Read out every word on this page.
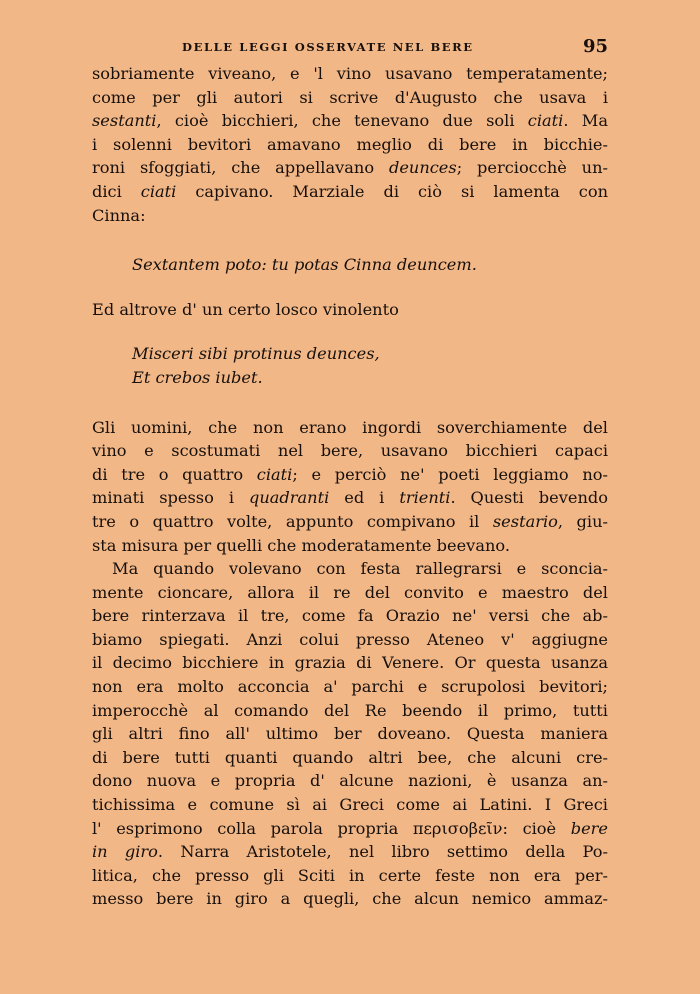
DELLE LEGGI OSSERVATE NEL BERE	95
sobriamente viveano, e 'l vino usavano temperatamente;
come per gli autori si scrive d'Augusto che usava i
sestanti, cioè bicchieri, che tenevano due soli ciati. Ma
i solenni bevitori amavano meglio di bere in bicchie-
roni sfoggiati, che appellavano deunces; perciocchè un-
dici ciati capivano. Marziale di ciò si lamenta con
Cinna:
Sextantem poto: tu potas Cinna deuncem.
Ed altrove d' un certo losco vinolento
Misceri sibi protinus deunces,
Et crebos iubet.
Gli uomini, che non erano ingordi soverchiamente del
vino e scostumati nel bere, usavano bicchieri capaci
di tre o quattro ciati; e perciò ne' poeti leggiamo no-
minati spesso i quadranti ed i trienti. Questi bevendo
tre o quattro volte, appunto compivano il sestario, giu-
sta misura per quelli che moderatamente beevano.
Ma quando volevano con festa rallegrarsi e sconcia-
mente cioncare, allora il re del convito e maestro del
bere rinterzava il tre, come fa Orazio ne' versi che ab-
biamo spiegati. Anzi colui presso Ateneo v' aggiugne
il decimo bicchiere in grazia di Venere. Or questa usanza
non era molto acconcia a' parchi e scrupolosi bevitori;
imperocchè al comando del Re beendo il primo, tutti
gli altri fino all' ultimo ber doveano. Questa maniera
di bere tutti quanti quando altri bee, che alcuni cre-
dono nuova e propria d' alcune nazioni, è usanza an-
tichissima e comune sì ai Greci come ai Latini. I Greci
l' esprimono colla parola propria περισοβεῖν: cioè bere
in giro. Narra Aristotele, nel libro settimo della Po-
litica, che presso gli Sciti in certe feste non era per-
messo bere in giro a quegli, che alcun nemico ammaz-
